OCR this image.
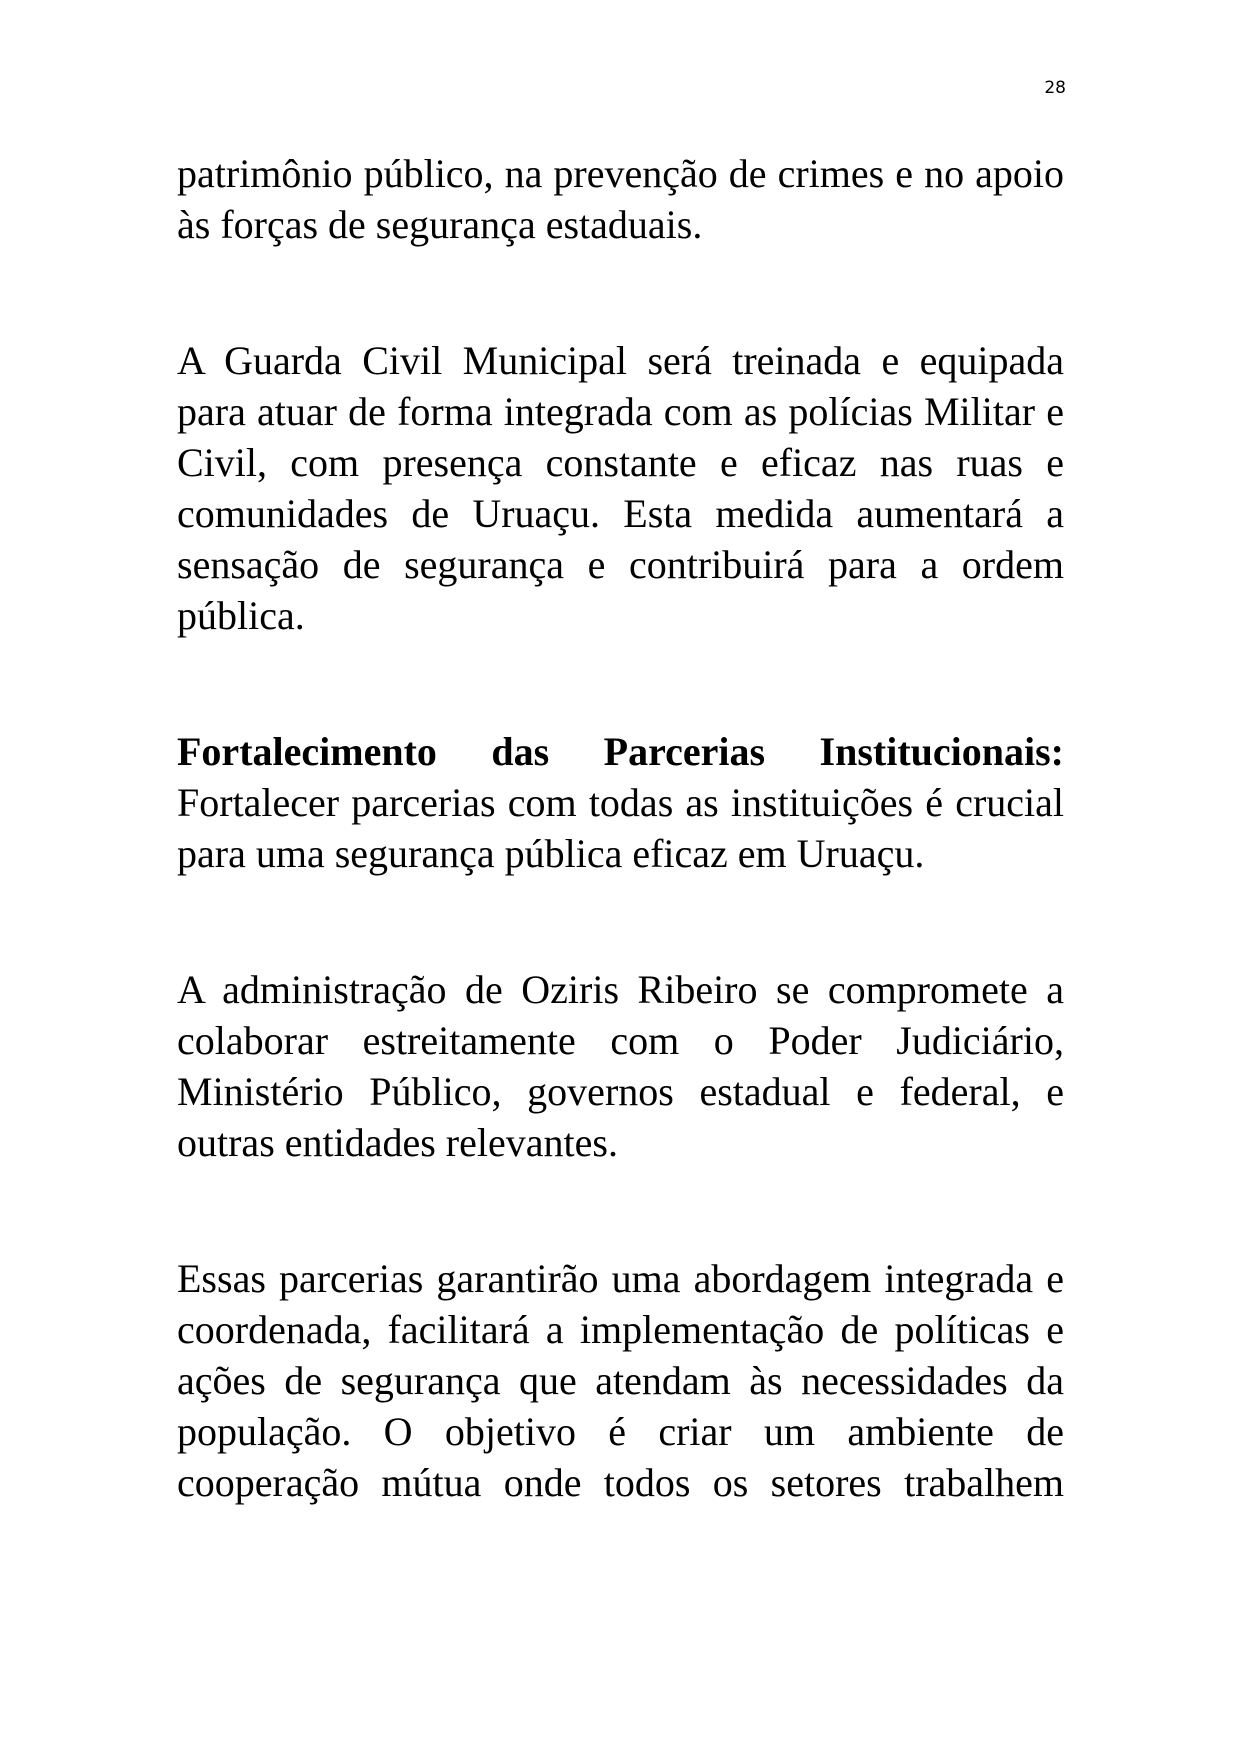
28

patrimônio público, na prevenção de crimes e no apoio às forças de segurança estaduais.

A Guarda Civil Municipal será treinada e equipada para atuar de forma integrada com as polícias Militar e Civil, com presença constante e eficaz nas ruas e comunidades de Uruaçu. Esta medida aumentará a sensação de segurança e contribuirá para a ordem pública.

Fortalecimento das Parcerias Institucionais: Fortalecer parcerias com todas as instituições é crucial para uma segurança pública eficaz em Uruaçu.

A administração de Oziris Ribeiro se compromete a colaborar estreitamente com o Poder Judiciário, Ministério Público, governos estadual e federal, e outras entidades relevantes.

Essas parcerias garantirão uma abordagem integrada e coordenada, facilitará a implementação de políticas e ações de segurança que atendam às necessidades da população. O objetivo é criar um ambiente de cooperação mútua onde todos os setores trabalhem
